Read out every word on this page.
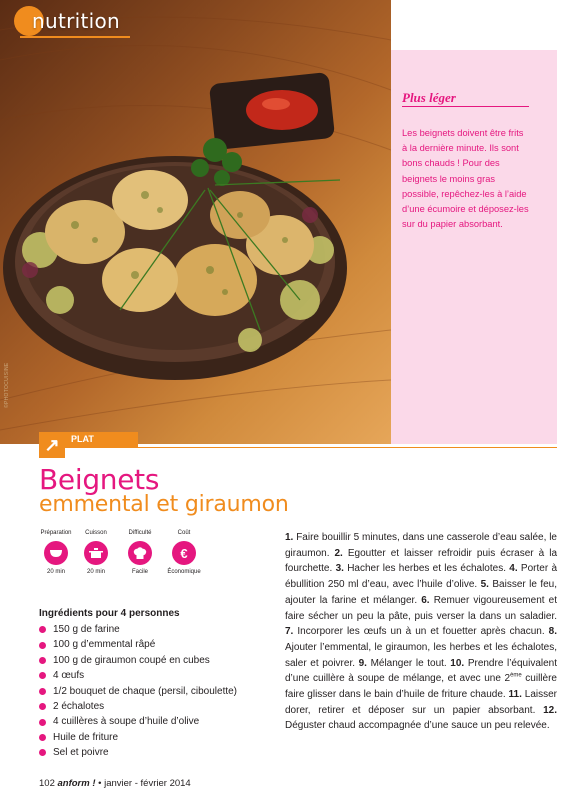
©PHOTOCUISINE
nutrition
Plus léger
Les beignets doivent être frits à la dernière minute. Ils sont bons chauds ! Pour des beignets le moins gras possible, repêchez-les à l’aide d’une écumoire et déposez-les sur du papier absorbant.
↗	PLAT
Beignets
emmental et giraumon
Préparation
20 min
Cuisson
20 min
Difficulté
Facile
Coût
€
Économique
Ingrédients pour 4 personnes
150 g de farine
100 g d’emmental râpé
100 g de giraumon coupé en cubes
4 œufs
1/2 bouquet de chaque (persil, ciboulette)
2 échalotes
4 cuillères à soupe d’huile d’olive
Huile de friture
Sel et poivre
1. Faire bouillir 5 minutes, dans une casserole d’eau salée, le giraumon. 2. Egoutter et laisser refroidir puis écraser à la fourchette. 3. Hacher les herbes et les échalotes. 4. Porter à ébullition 250 ml d’eau, avec l’huile d’olive. 5. Baisser le feu, ajouter la farine et mélanger. 6. Remuer vigoureusement et faire sécher un peu la pâte, puis verser la dans un saladier. 7. Incorporer les œufs un à un et fouetter après chacun. 8. Ajouter l’emmental, le giraumon, les herbes et les échalotes, saler et poivrer. 9. Mélanger le tout. 10. Prendre l’équivalent d’une cuillère à soupe de mélange, et avec une 2ème cuillère faire glisser dans le bain d’huile de friture chaude. 11. Laisser dorer, retirer et déposer sur un papier absorbant. 12. Déguster chaud accompagnée d’une sauce un peu relevée.
102 anform ! • janvier - février 2014
